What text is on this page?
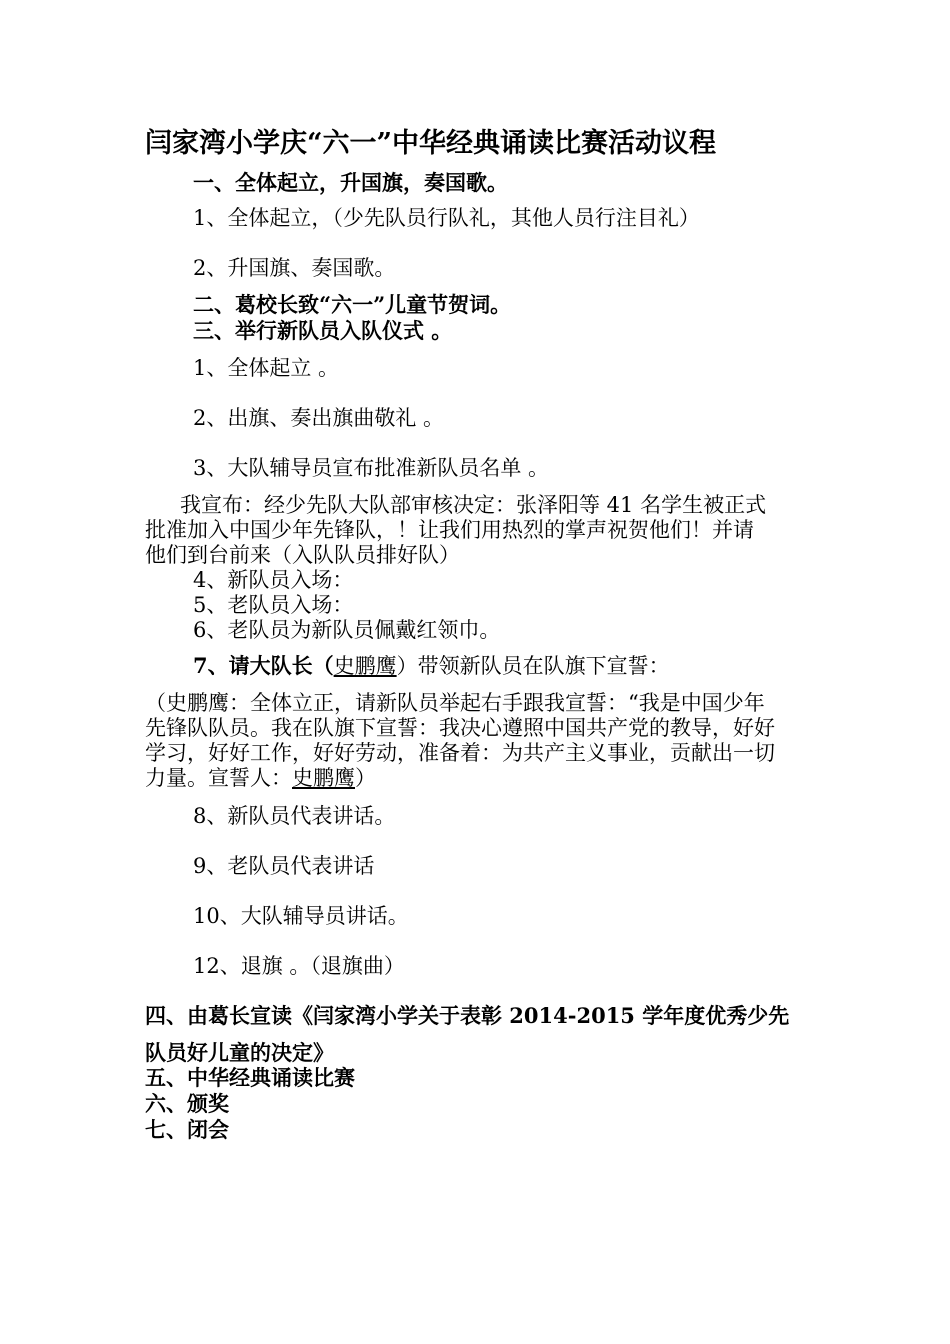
闫家湾小学庆“六一”中华经典诵读比赛活动议程
一、全体起立，升国旗，奏国歌。
1、全体起立，（少先队员行队礼，其他人员行注目礼）
2、升国旗、奏国歌。
二、葛校长致“六一”儿童节贺词。
三、举行新队员入队仪式 。
1、全体起立 。
2、出旗、奏出旗曲敬礼 。
3、大队辅导员宣布批准新队员名单 。
我宣布：经少先队大队部审核决定：张泽阳等 41 名学生被正式
批准加入中国少年先锋队，！让我们用热烈的掌声祝贺他们！并请
他们到台前来（入队队员排好队）
4、新队员入场：
5、老队员入场：
6、老队员为新队员佩戴红领巾。
7、请大队长（史鹏鹰）带领新队员在队旗下宣誓：
（史鹏鹰：全体立正，请新队员举起右手跟我宣誓：“我是中国少年
先锋队队员。我在队旗下宣誓：我决心遵照中国共产党的教导，好好
学习，好好工作，好好劳动，准备着：为共产主义事业，贡献出一切
力量。宣誓人：史鹏鹰）
8、新队员代表讲话。
9、老队员代表讲话
10、大队辅导员讲话。
12、退旗 。（退旗曲）
四、由葛长宣读《闫家湾小学关于表彰 2014-2015 学年度优秀少先
队员好儿童的决定》
五、中华经典诵读比赛
六、颁奖
七、闭会
